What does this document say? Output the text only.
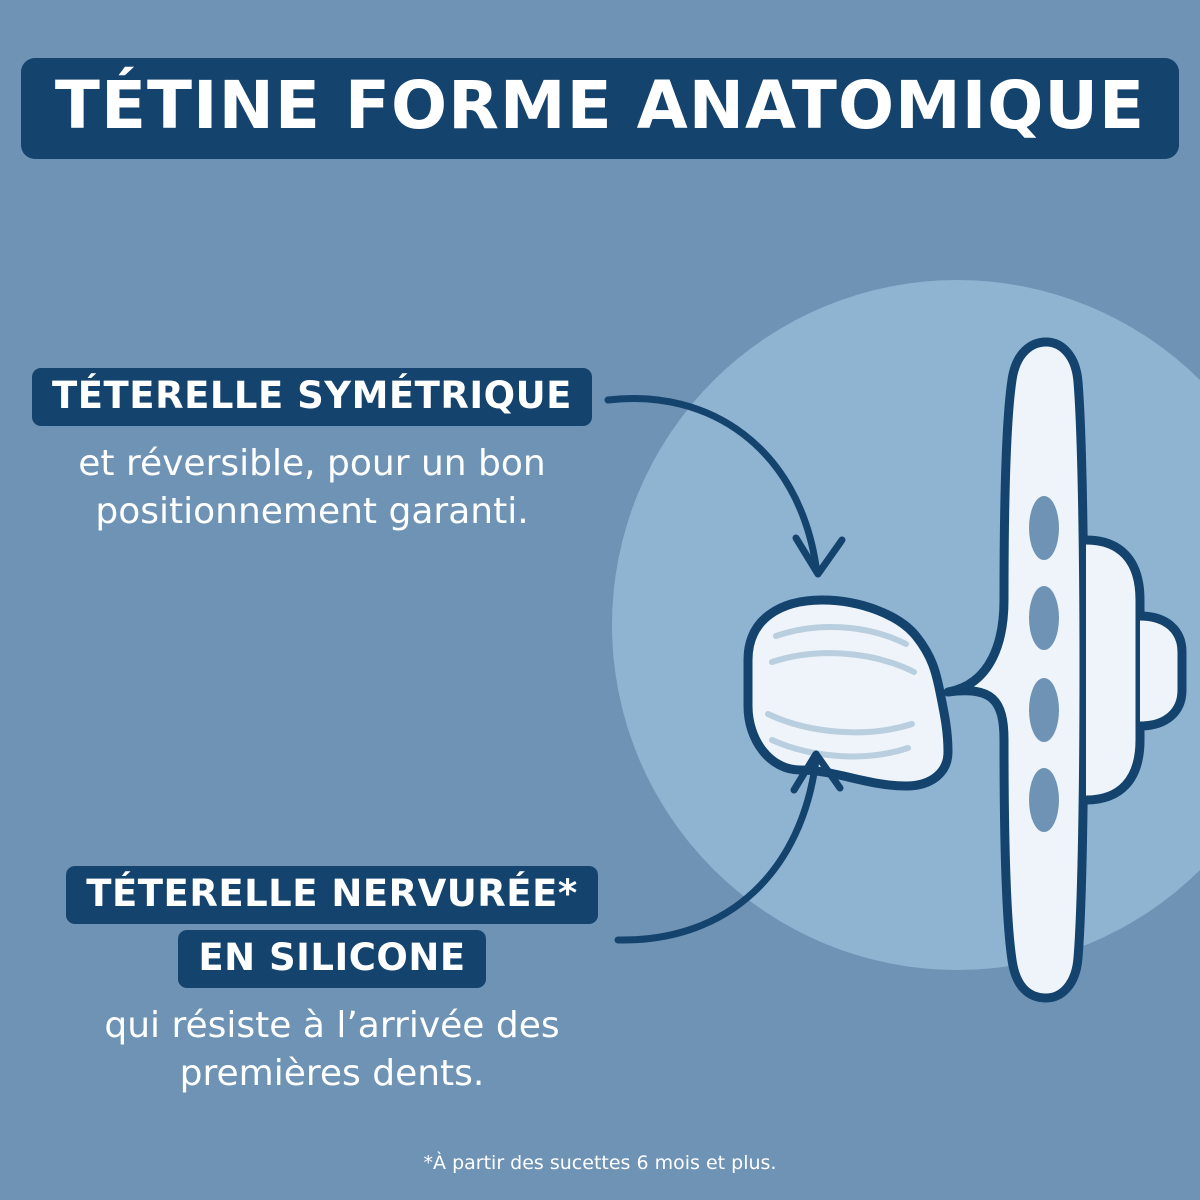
TÉTINE FORME ANATOMIQUE
TÉTERELLE SYMÉTRIQUE
et réversible, pour un bon positionnement garanti.
TÉTERELLE NERVURÉE*
EN SILICONE
qui résiste à l’arrivée des premières dents.
*À partir des sucettes 6 mois et plus.
